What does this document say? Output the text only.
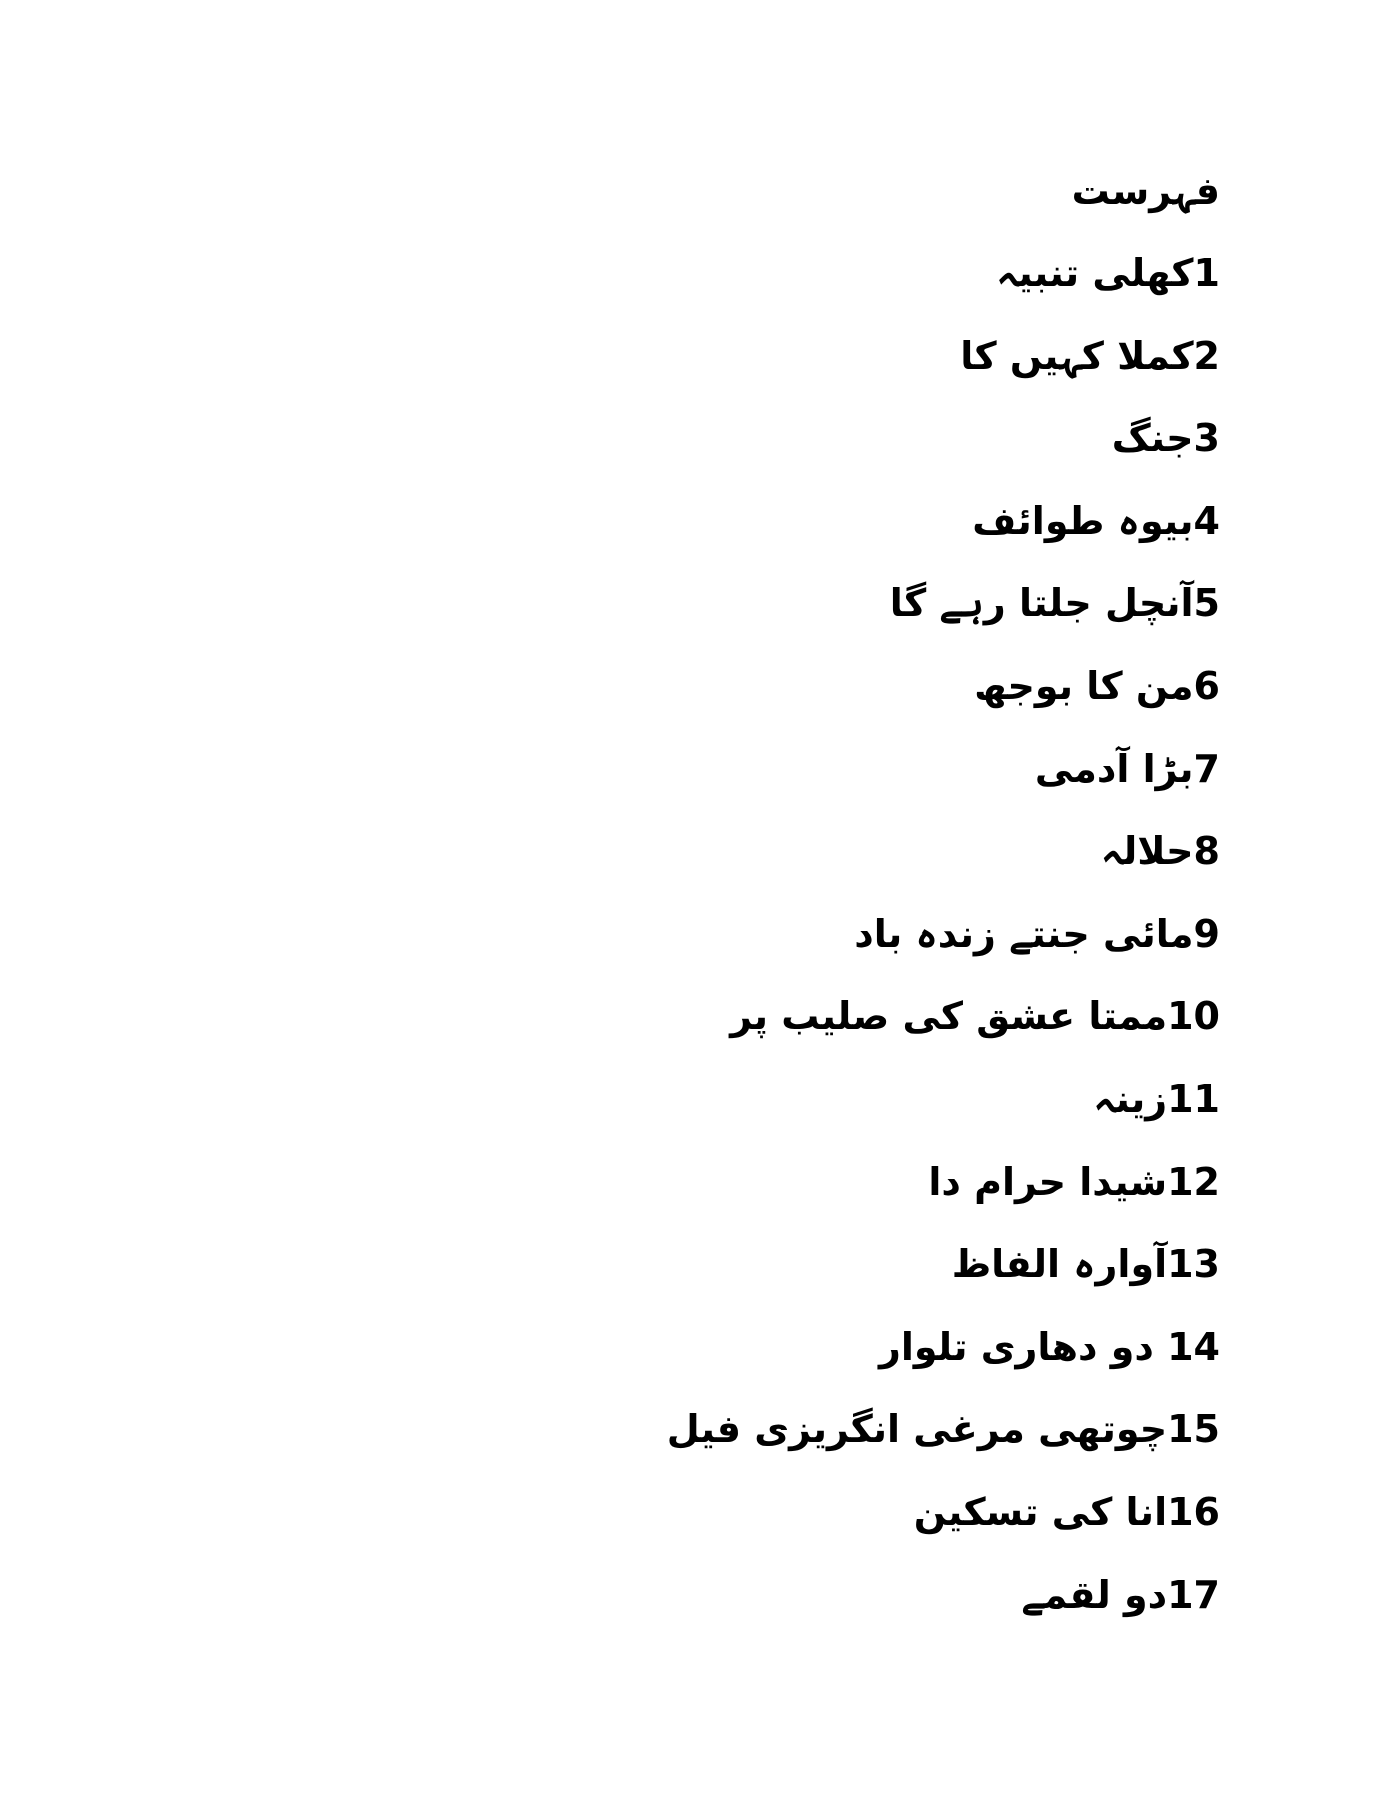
فہرست
1کھلی تنبیہ
2کملا کہیں کا
3جنگ
4بیوہ طوائف
5آنچل جلتا رہے گا
6من کا بوجھ
7بڑا آدمی
8حلالہ
9مائی جنتے زندہ باد
10ممتا عشق کی صلیب پر
11زینہ
12شیدا حرام دا
13آوارہ الفاظ
14 دو دھاری تلوار
15چوتھی مرغی انگریزی فیل
16انا کی تسکین
17دو لقمے
